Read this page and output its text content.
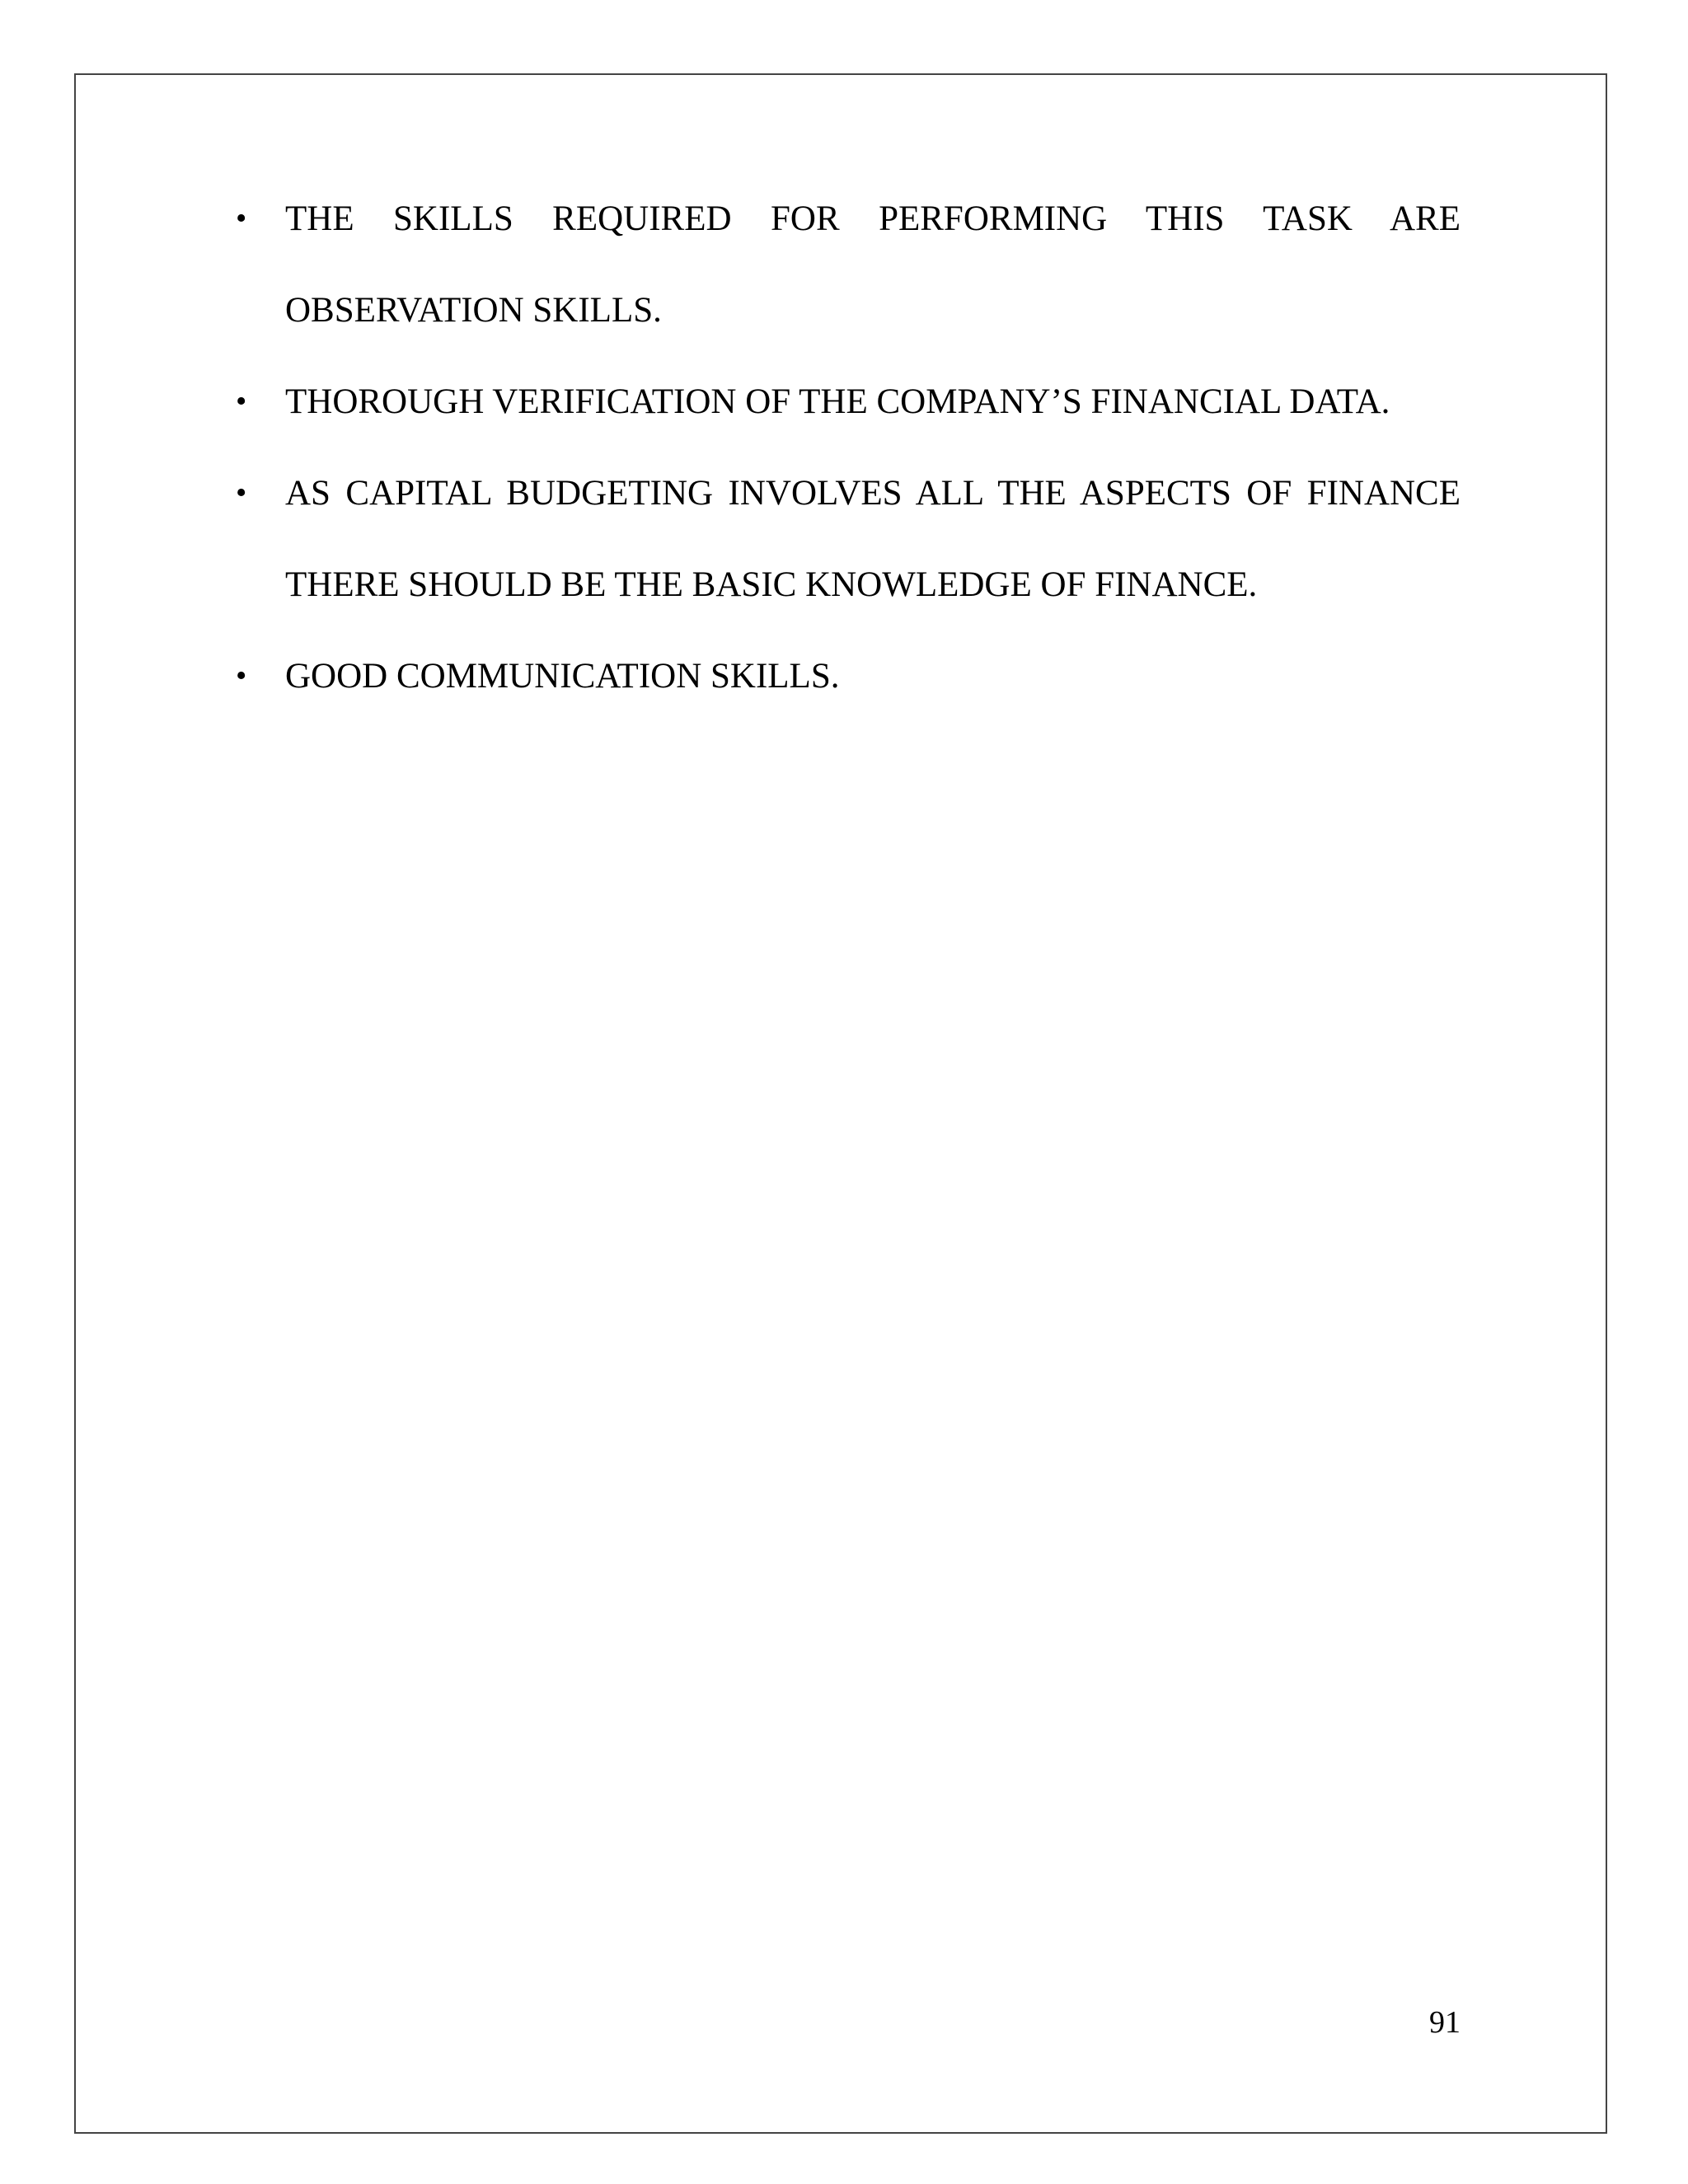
•	THE SKILLS REQUIRED FOR PERFORMING THIS TASK ARE OBSERVATION SKILLS.
•	THOROUGH VERIFICATION OF THE COMPANY’S FINANCIAL DATA.
•	AS CAPITAL BUDGETING INVOLVES ALL THE ASPECTS OF FINANCE THERE SHOULD BE THE BASIC KNOWLEDGE OF FINANCE.
•	GOOD COMMUNICATION SKILLS.
91
